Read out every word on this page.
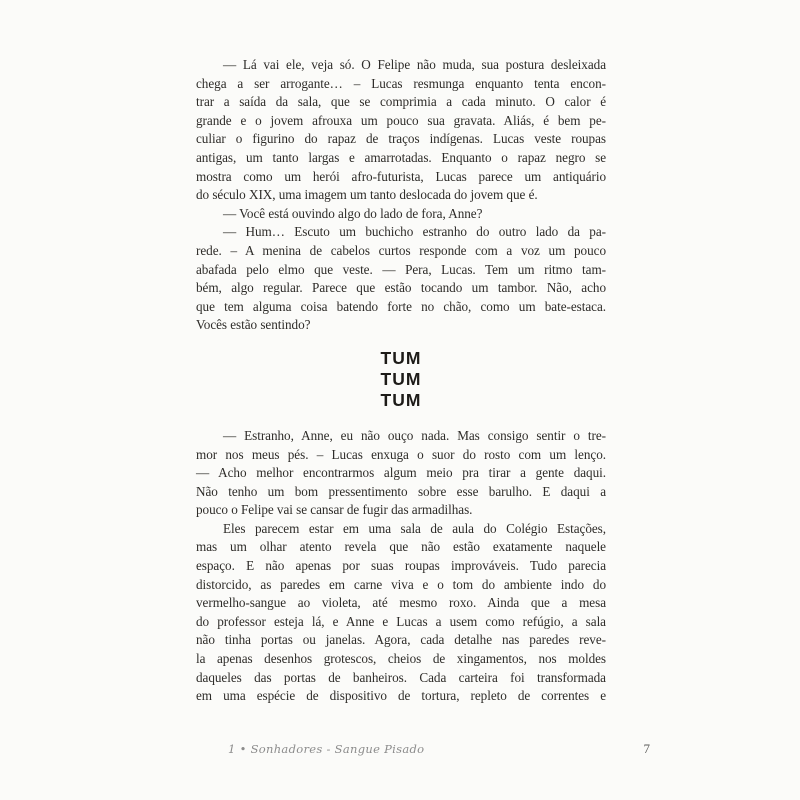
— Lá vai ele, veja só. O Felipe não muda, sua postura desleixada
chega a ser arrogante… – Lucas resmunga enquanto tenta encon-
trar a saída da sala, que se comprimia a cada minuto. O calor é
grande e o jovem afrouxa um pouco sua gravata. Aliás, é bem pe-
culiar o figurino do rapaz de traços indígenas. Lucas veste roupas
antigas, um tanto largas e amarrotadas. Enquanto o rapaz negro se
mostra como um herói afro-futurista, Lucas parece um antiquário
do século XIX, uma imagem um tanto deslocada do jovem que é.
— Você está ouvindo algo do lado de fora, Anne?
— Hum… Escuto um buchicho estranho do outro lado da pa-
rede. – A menina de cabelos curtos responde com a voz um pouco
abafada pelo elmo que veste. — Pera, Lucas. Tem um ritmo tam-
bém, algo regular. Parece que estão tocando um tambor. Não, acho
que tem alguma coisa batendo forte no chão, como um bate-estaca.
Vocês estão sentindo?
TUM
TUM
TUM
— Estranho, Anne, eu não ouço nada. Mas consigo sentir o tre-
mor nos meus pés. – Lucas enxuga o suor do rosto com um lenço.
— Acho melhor encontrarmos algum meio pra tirar a gente daqui.
Não tenho um bom pressentimento sobre esse barulho. E daqui a
pouco o Felipe vai se cansar de fugir das armadilhas.
Eles parecem estar em uma sala de aula do Colégio Estações,
mas um olhar atento revela que não estão exatamente naquele
espaço. E não apenas por suas roupas improváveis. Tudo parecia
distorcido, as paredes em carne viva e o tom do ambiente indo do
vermelho-sangue ao violeta, até mesmo roxo. Ainda que a mesa
do professor esteja lá, e Anne e Lucas a usem como refúgio, a sala
não tinha portas ou janelas. Agora, cada detalhe nas paredes reve-
la apenas desenhos grotescos, cheios de xingamentos, nos moldes
daqueles das portas de banheiros. Cada carteira foi transformada
em uma espécie de dispositivo de tortura, repleto de correntes e
1 • Sonhadores - Sangue Pisado	7
